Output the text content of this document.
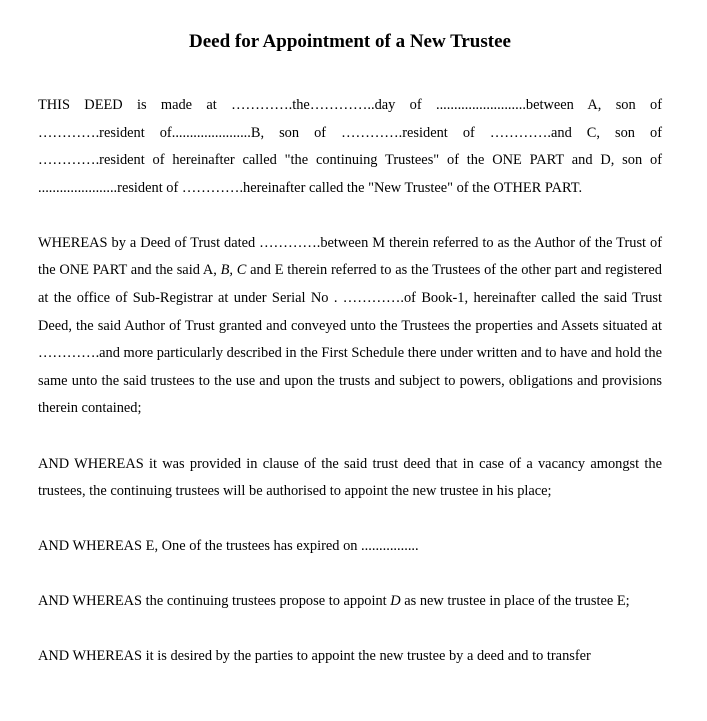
Deed for Appointment of a New Trustee

THIS DEED is made at ………….the…………..day of .........................between A, son of ………….resident of......................B, son of ………….resident of ………….and C, son of ………….resident of hereinafter called "the continuing Trustees" of the ONE PART and D, son of ......................resident of ………….hereinafter called the "New Trustee" of the OTHER PART.

WHEREAS by a Deed of Trust dated ………….between M therein referred to as the Author of the Trust of the ONE PART and the said A, B, C and E therein referred to as the Trustees of the other part and registered at the office of Sub-Registrar at under Serial No . ………….of Book-1, hereinafter called the said Trust Deed, the said Author of Trust granted and conveyed unto the Trustees the properties and Assets situated at ………….and more particularly described in the First Schedule there under written and to have and hold the same unto the said trustees to the use and upon the trusts and subject to powers, obligations and provisions therein contained;

AND WHEREAS it was provided in clause of the said trust deed that in case of a vacancy amongst the trustees, the continuing trustees will be authorised to appoint the new trustee in his place;

AND WHEREAS E, One of the trustees has expired on ................

AND WHEREAS the continuing trustees propose to appoint D as new trustee in place of the trustee E;

AND WHEREAS it is desired by the parties to appoint the new trustee by a deed and to transfer
